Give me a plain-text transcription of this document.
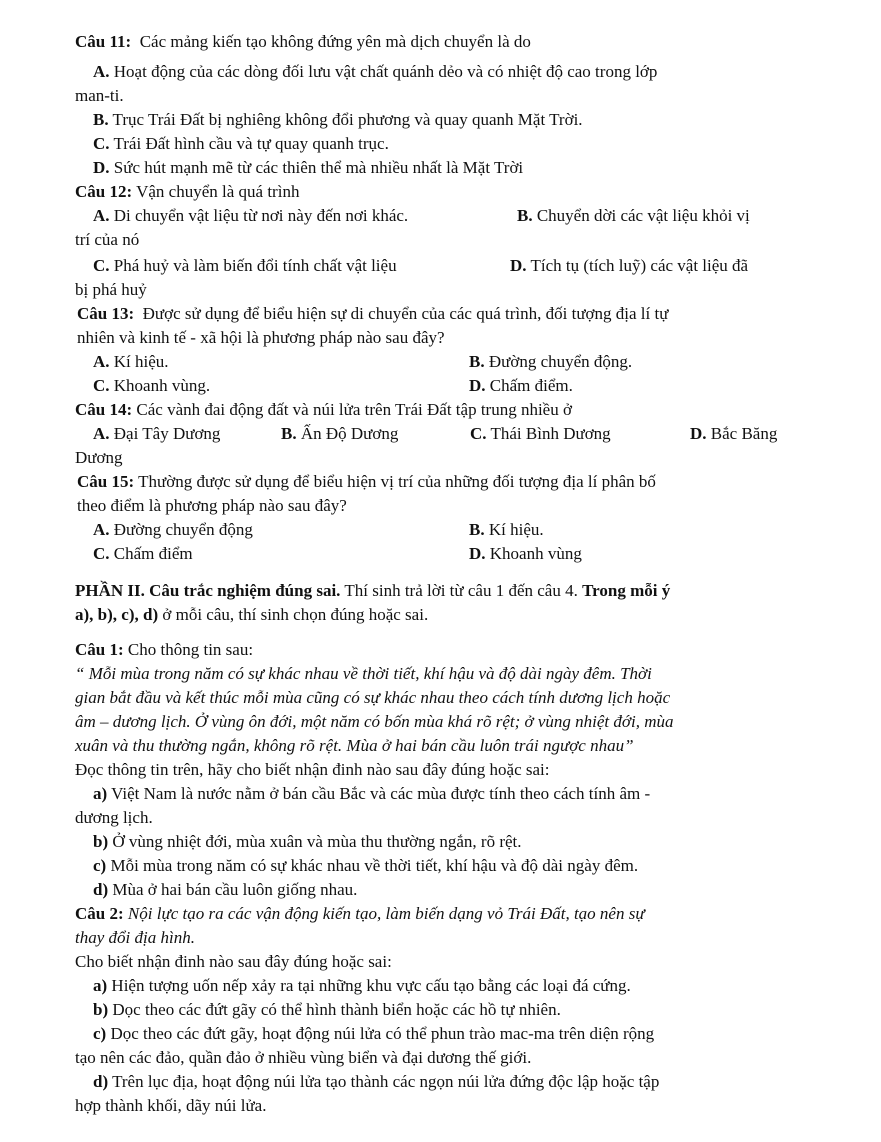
Câu 11: Các mảng kiến tạo không đứng yên mà dịch chuyển là do
A. Hoạt động của các dòng đối lưu vật chất quánh dẻo và có nhiệt độ cao trong lớp
man-ti.
B. Trục Trái Đất bị nghiêng không đổi phương và quay quanh Mặt Trời.
C. Trái Đất hình cầu và tự quay quanh trục.
D. Sức hút mạnh mẽ từ các thiên thể mà nhiều nhất là Mặt Trời
Câu 12: Vận chuyển là quá trình
A. Di chuyển vật liệu từ nơi này đến nơi khác.	B. Chuyển dời các vật liệu khỏi vị
trí của nó
C. Phá huỷ và làm biến đổi tính chất vật liệu	D. Tích tụ (tích luỹ) các vật liệu đã
bị phá huỷ
Câu 13: Được sử dụng để biểu hiện sự di chuyển của các quá trình, đối tượng địa lí tự
nhiên và kinh tế - xã hội là phương pháp nào sau đây?
A. Kí hiệu.	B. Đường chuyển động.
C. Khoanh vùng.	D. Chấm điểm.
Câu 14: Các vành đai động đất và núi lửa trên Trái Đất tập trung nhiều ở
A. Đại Tây Dương	B. Ấn Độ Dương	C. Thái Bình Dương	D. Bắc Băng
Dương
Câu 15: Thường được sử dụng để biểu hiện vị trí của những đối tượng địa lí phân bố
theo điểm là phương pháp nào sau đây?
A. Đường chuyển động	B. Kí hiệu.
C. Chấm điểm	D. Khoanh vùng
PHẦN II. Câu trắc nghiệm đúng sai. Thí sinh trả lời từ câu 1 đến câu 4. Trong mỗi ý
a), b), c), d) ở mỗi câu, thí sinh chọn đúng hoặc sai.
Câu 1: Cho thông tin sau:
“ Mỗi mùa trong năm có sự khác nhau về thời tiết, khí hậu và độ dài ngày đêm. Thời
gian bắt đầu và kết thúc mỗi mùa cũng có sự khác nhau theo cách tính dương lịch hoặc
âm – dương lịch. Ở vùng ôn đới, một năm có bốn mùa khá rõ rệt; ở vùng nhiệt đới, mùa
xuân và thu thường ngắn, không rõ rệt. Mùa ở hai bán cầu luôn trái ngược nhau”
Đọc thông tin trên, hãy cho biết nhận đinh nào sau đây đúng hoặc sai:
a) Việt Nam là nước nằm ở bán cầu Bắc và các mùa được tính theo cách tính âm -
dương lịch.
b) Ở vùng nhiệt đới, mùa xuân và mùa thu thường ngắn, rõ rệt.
c) Mỗi mùa trong năm có sự khác nhau về thời tiết, khí hậu và độ dài ngày đêm.
d) Mùa ở hai bán cầu luôn giống nhau.
Câu 2: Nội lực tạo ra các vận động kiến tạo, làm biến dạng vỏ Trái Đất, tạo nên sự
thay đổi địa hình.
Cho biết nhận đinh nào sau đây đúng hoặc sai:
a) Hiện tượng uốn nếp xảy ra tại những khu vực cấu tạo bằng các loại đá cứng.
b) Dọc theo các đứt gãy có thể hình thành biển hoặc các hồ tự nhiên.
c) Dọc theo các đứt gãy, hoạt động núi lửa có thể phun trào mac-ma trên diện rộng
tạo nên các đảo, quần đảo ở nhiều vùng biển và đại dương thế giới.
d) Trên lục địa, hoạt động núi lửa tạo thành các ngọn núi lửa đứng độc lập hoặc tập
hợp thành khối, dãy núi lửa.
